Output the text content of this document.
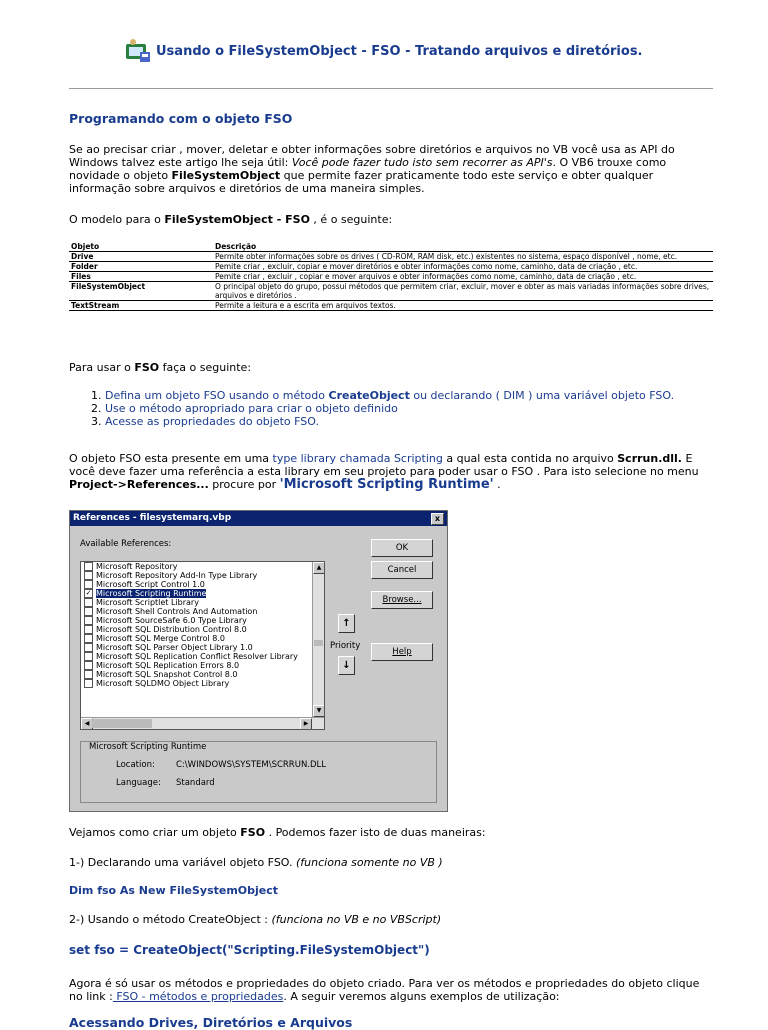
Usando o FileSystemObject - FSO - Tratando arquivos e diretórios.
Programando com o objeto FSO
Se ao precisar criar , mover, deletar e obter informações sobre diretórios e arquivos no VB você usa as API do Windows talvez este artigo lhe seja útil: Você pode fazer tudo isto sem recorrer as API's. O VB6 trouxe como novidade o objeto FileSystemObject que permite fazer praticamente todo este serviço e obter qualquer informação sobre arquivos e diretórios de uma maneira simples.
O modelo para o FileSystemObject - FSO , é o seguinte:
Objeto	Descrição
Drive	Permite obter informações sobre os drives ( CD-ROM, RAM disk, etc.) existentes no sistema, espaço disponível , nome, etc.
Folder	Pemite criar , excluir, copiar e mover diretórios e obter informações como nome, caminho, data de criação , etc.
Files	Pemite criar , excluir , copiar e mover arquivos e obter informações como nome, caminho, data de criação , etc.
FileSystemObject	O principal objeto do grupo, possui métodos que permitem criar, excluir, mover e obter as mais variadas informações sobre drives, arquivos e diretórios .
TextStream	Permite a leitura e a escrita em arquivos textos.
Para usar o FSO faça o seguinte:
1. Defina um objeto FSO usando o método CreateObject ou declarando ( DIM ) uma variável objeto FSO.
2. Use o método apropriado para criar o objeto definido
3. Acesse as propriedades do objeto FSO.
O objeto FSO esta presente em uma type library chamada Scripting a qual esta contida no arquivo Scrrun.dll. E você deve fazer uma referência a esta library em seu projeto para poder usar o FSO . Para isto selecione no menu Project->References... procure por 'Microsoft Scripting Runtime' .
References - filesystemarq.vbp	x
Available References:
Microsoft Repository
Microsoft Repository Add-In Type Library
Microsoft Script Control 1.0
✓ Microsoft Scripting Runtime
Microsoft Scriptlet Library
Microsoft Shell Controls And Automation
Microsoft SourceSafe 6.0 Type Library
Microsoft SQL Distribution Control 8.0
Microsoft SQL Merge Control 8.0
Microsoft SQL Parser Object Library 1.0
Microsoft SQL Replication Conflict Resolver Library
Microsoft SQL Replication Errors 8.0
Microsoft SQL Snapshot Control 8.0
Microsoft SQLDMO Object Library
▲
▼
◀	▶
OK
Cancel
Browse...
↑
Priority
↓
Help
Microsoft Scripting Runtime
Location: C:\WINDOWS\SYSTEM\SCRRUN.DLL
Language: Standard
Vejamos como criar um objeto FSO . Podemos fazer isto de duas maneiras:
1-) Declarando uma variável objeto FSO. (funciona somente no VB )
Dim fso As New FileSystemObject
2-) Usando o método CreateObject : (funciona no VB e no VBScript)
set fso = CreateObject("Scripting.FileSystemObject")
Agora é só usar os métodos e propriedades do objeto criado. Para ver os métodos e propriedades do objeto clique no link : FSO - métodos e propriedades. A seguir veremos alguns exemplos de utilização:
Acessando Drives, Diretórios e Arquivos
